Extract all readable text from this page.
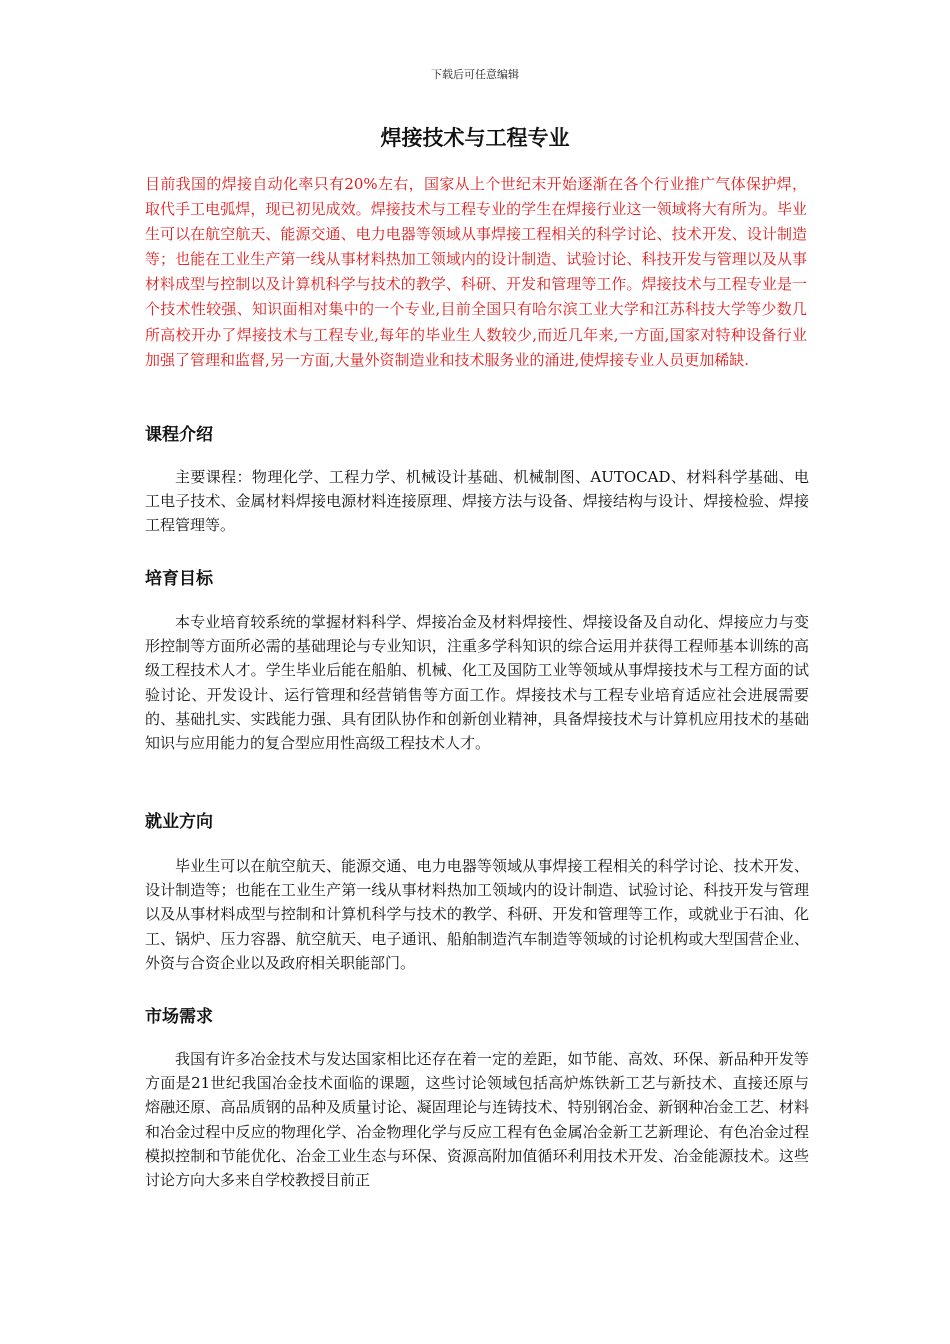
下载后可任意编辑
焊接技术与工程专业
目前我国的焊接自动化率只有20%左右，国家从上个世纪末开始逐渐在各个行业推广气体保护焊，取代手工电弧焊，现已初见成效。焊接技术与工程专业的学生在焊接行业这一领域将大有所为。毕业生可以在航空航天、能源交通、电力电器等领域从事焊接工程相关的科学讨论、技术开发、设计制造等；也能在工业生产第一线从事材料热加工领域内的设计制造、试验讨论、科技开发与管理以及从事材料成型与控制以及计算机科学与技术的教学、科研、开发和管理等工作。焊接技术与工程专业是一个技术性较强、知识面相对集中的一个专业,目前全国只有哈尔滨工业大学和江苏科技大学等少数几所高校开办了焊接技术与工程专业,每年的毕业生人数较少,而近几年来,一方面,国家对特种设备行业加强了管理和监督,另一方面,大量外资制造业和技术服务业的涌进,使焊接专业人员更加稀缺.
课程介绍
主要课程：物理化学、工程力学、机械设计基础、机械制图、AUTOCAD、材料科学基础、电工电子技术、金属材料焊接电源材料连接原理、焊接方法与设备、焊接结构与设计、焊接检验、焊接工程管理等。
培育目标
本专业培育较系统的掌握材料科学、焊接冶金及材料焊接性、焊接设备及自动化、焊接应力与变形控制等方面所必需的基础理论与专业知识，注重多学科知识的综合运用并获得工程师基本训练的高级工程技术人才。学生毕业后能在船舶、机械、化工及国防工业等领域从事焊接技术与工程方面的试验讨论、开发设计、运行管理和经营销售等方面工作。焊接技术与工程专业培育适应社会进展需要的、基础扎实、实践能力强、具有团队协作和创新创业精神，具备焊接技术与计算机应用技术的基础知识与应用能力的复合型应用性高级工程技术人才。
就业方向
毕业生可以在航空航天、能源交通、电力电器等领域从事焊接工程相关的科学讨论、技术开发、设计制造等；也能在工业生产第一线从事材料热加工领域内的设计制造、试验讨论、科技开发与管理以及从事材料成型与控制和计算机科学与技术的教学、科研、开发和管理等工作，或就业于石油、化工、锅炉、压力容器、航空航天、电子通讯、船舶制造汽车制造等领域的讨论机构或大型国营企业、外资与合资企业以及政府相关职能部门。
市场需求
我国有许多冶金技术与发达国家相比还存在着一定的差距，如节能、高效、环保、新品种开发等方面是21世纪我国冶金技术面临的课题，这些讨论领域包括高炉炼铁新工艺与新技术、直接还原与熔融还原、高品质钢的品种及质量讨论、凝固理论与连铸技术、特别钢冶金、新钢种冶金工艺、材料和冶金过程中反应的物理化学、冶金物理化学与反应工程有色金属冶金新工艺新理论、有色冶金过程模拟控制和节能优化、冶金工业生态与环保、资源高附加值循环利用技术开发、冶金能源技术。这些讨论方向大多来自学校教授目前正
